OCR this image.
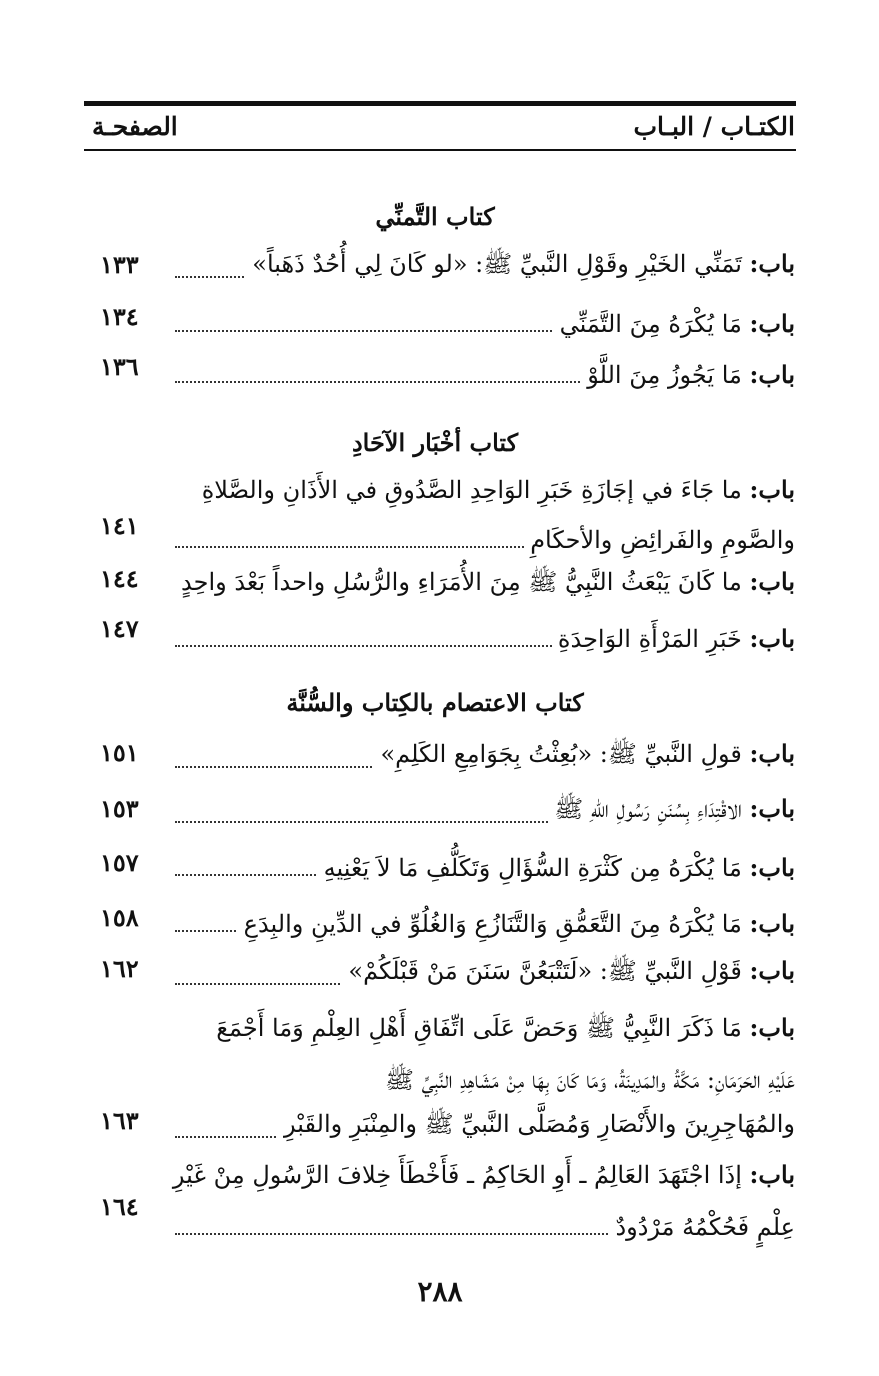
الكتـاب / البـاب
الصفحـة
كتاب التَّمنِّي
باب: تَمَنِّي الخَيْرِ وقَوْلِ النَّبيِّ ﷺ: «لو كَانَ لِي أُحُدٌ ذَهَباً»
١٣٣
باب: مَا يُكْرَهُ مِنَ التَّمَنِّي
١٣٤
باب: مَا يَجُوزُ مِنَ اللَّوْ
١٣٦
كتاب أخْبَار الآحَادِ
باب: ما جَاءَ في إجَازَةِ خَبَرِ الوَاحِدِ الصَّدُوقِ في الأَذَانِ والصَّلاةِ
والصَّومِ والفَرائِضِ والأحكَامِ
١٤١
باب: ما كَانَ يَبْعَثُ النَّبِيُّ ﷺ مِنَ الأُمَرَاءِ والرُّسُلِ واحداً بَعْدَ واحِدٍ
١٤٤
باب: خَبَرِ المَرْأَةِ الوَاحِدَةِ
١٤٧
كتاب الاعتصام بالكِتاب والسُّنَّة
باب: قولِ النَّبيِّ ﷺ: «بُعِثْتُ بِجَوَامِعِ الكَلِمِ»
١٥١
باب: الاقْتِدَاءِ بِسُنَنِ رَسُولِ اللهِ ﷺ
١٥٣
باب: مَا يُكْرَهُ مِن كَثْرَةِ السُّؤَالِ وَتَكَلُّفِ مَا لاَ يَعْنِيهِ
١٥٧
باب: مَا يُكْرَهُ مِنَ التَّعَمُّقِ وَالتَّنَازُعِ وَالغُلُوِّ في الدِّينِ والبِدَعِ
١٥٨
باب: قَوْلِ النَّبيِّ ﷺ: «لَتَتْبَعُنَّ سَنَنَ مَنْ قَبْلَكُمْ»
١٦٢
باب: مَا ذَكَرَ النَّبِيُّ ﷺ وَحَضَّ عَلَى اتِّفَاقِ أَهْلِ العِلْمِ وَمَا أَجْمَعَ
عَلَيْهِ الحَرَمَانِ: مَكَّةُ والمَدِينَةُ، وَمَا كَانَ بِهَا مِنْ مَشَاهِدِ النَّبِيِّ ﷺ
والمُهَاجِرِينَ والأَنْصَارِ وَمُصَلَّى النَّبيِّ ﷺ والمِنْبَرِ والقَبْرِ
١٦٣
باب: إذَا اجْتَهَدَ العَالِمُ ـ أَوِ الحَاكِمُ ـ فَأَخْطَأَ خِلافَ الرَّسُولِ مِنْ غَيْرِ
عِلْمٍ فَحُكْمُهُ مَرْدُودٌ
١٦٤
٢٨٨
